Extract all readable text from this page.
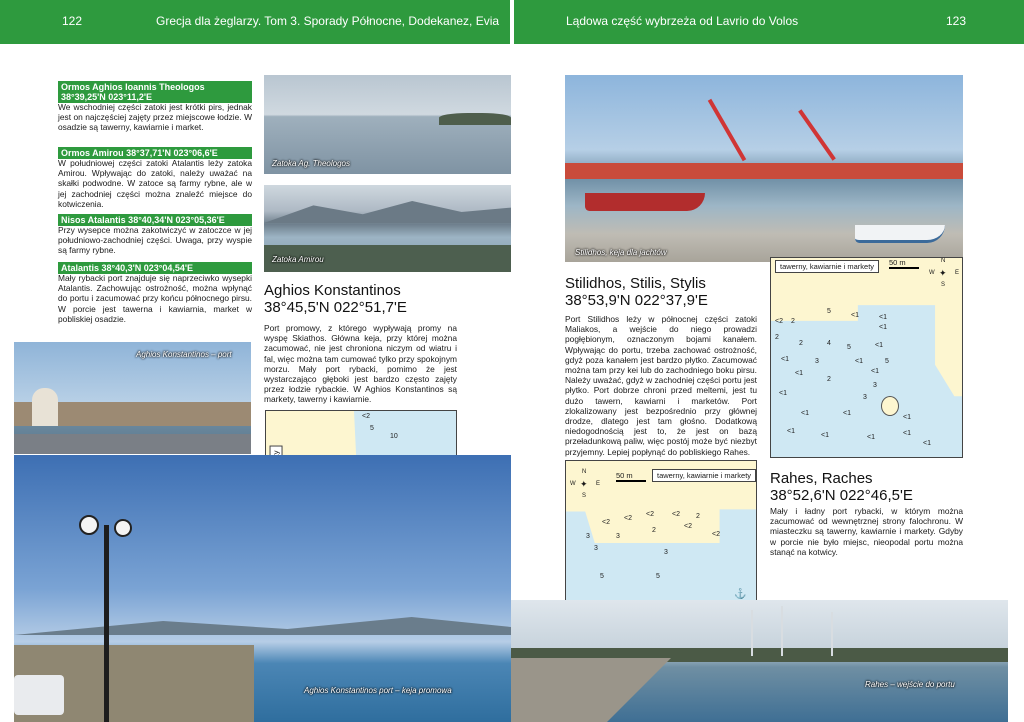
122	Grecja dla żeglarzy. Tom 3. Sporady Północne, Dodekanez, Evia	Lądowa część wybrzeża od Lavrio do Volos	123
Ormos Aghios Ioannis Theologos
38°39,25'N 023°11,2'E
We wschodniej części zatoki jest krótki pirs, jednak jest on najczęściej zajęty przez miejscowe łodzie. W osadzie są tawerny, kawiarnie i market.
Ormos Amirou 38°37,71'N 023°06,6'E
W południowej części zatoki Atalantis leży zatoka Amirou. Wpływając do zatoki, należy uważać na skałki podwodne. W zatoce są farmy rybne, ale w jej zachodniej części można znaleźć miejsce do kotwiczenia.
Nisos Atalantis 38°40,34'N 023°05,36'E
Przy wysepce można zakotwiczyć w zatoczce w jej południowo-zachodniej części. Uwaga, przy wyspie są farmy rybne.
Atalantis 38°40,3'N 023°04,54'E
Mały rybacki port znajduje się naprzeciwko wysepki Atalantis. Zachowując ostrożność, można wpłynąć do portu i zacumować przy końcu północnego pirsu. W porcie jest tawerna i kawiarnia, market w pobliskiej osadzie.
Zatoka Ag. Theologos
Zatoka Amirou
Aghios Konstantinos
38°45,5'N 022°51,7'E
Port promowy, z którego wypływają promy na wyspę Skiathos. Główna keja, przy której można zacumować, nie jest chroniona niczym od wiatru i fal, więc można tam cumować tylko przy spokojnym morzu. Mały port rybacki, pomimo że jest wystarczająco głęboki jest bardzo często zajęty przez łodzie rybackie. W Aghios Konstantinos są markety, tawerny i kawiarnie.
Aghios Konstantinos – port
<2
5
10
Aghios Konstantinos port – keja promowa
Stilidhos, keja dla jachtów
Stilidhos, Stilis, Stylis
38°53,9'N 022°37,9'E
Port Stilidhos leży w północnej części zatoki Maliakos, a wejście do niego prowadzi pogłębionym, oznaczonym bojami kanałem. Wpływając do portu, trzeba zachować ostrożność, gdyż poza kanałem jest bardzo płytko. Zacumować można tam przy kei lub do zachodniego boku pirsu. Należy uważać, gdyż w zachodniej części portu jest płytko. Port dobrze chroni przed meltemi, jest tu dużo tawern, kawiarni i marketów. Port zlokalizowany jest bezpośrednio przy głównej drodze, dlatego jest tam głośno. Dodatkową niedogodnością jest to, że jest on bazą przeładunkową paliw, więc postój może być niezbyt przyjemny. Lepiej popłynąć do pobliskiego Rahes.
tawerny, kawiarnie i markety	50 m	N
W	E
S
✦
<2 2
5
<1
2
<1
<1
2	4
5	<1
<1	3	<1	5
<1	<1
2
3
<1
3
<1	<1
<1
<1
<1	<1
<1
<1
50 m	tawerny, kawiarnie i markety
N
W	E
S
✦
<2
<2	<2
<2
<2
2
3
2
<2
3
3
3
5	5
⚓
Rahes, Raches
38°52,6'N 022°46,5'E
Mały i ładny port rybacki, w którym można zacumować od wewnętrznej strony falochronu. W miasteczku są tawerny, kawiarnie i markety. Gdyby w porcie nie było miejsc, nieopodal portu można stanąć na kotwicy.
Rahes – wejście do portu
